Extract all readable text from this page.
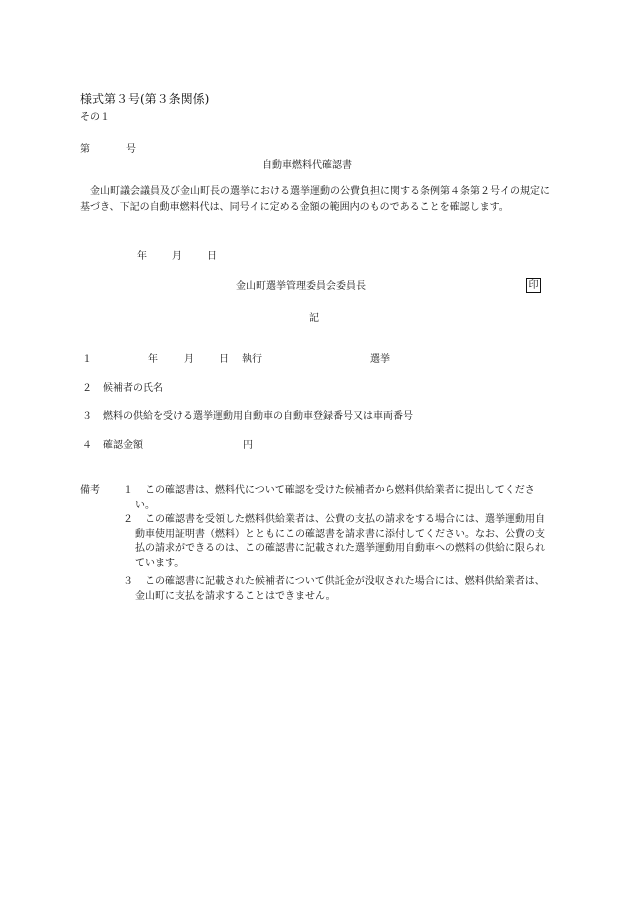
様式第３号(第３条関係)
その１
第	号
自動車燃料代確認書
金山町議会議員及び金山町長の選挙における選挙運動の公費負担に関する条例第４条第２号イの規定に基づき、下記の自動車燃料代は、同号イに定める金額の範囲内のものであることを確認します。
年	月	日
金山町選挙管理委員会委員長	印
記
１	年	月	日 執行	選挙
２ 候補者の氏名
３ 燃料の供給を受ける選挙運動用自動車の自動車登録番号又は車両番号
４ 確認金額	円
備考 １	この確認書は、燃料代について確認を受けた候補者から燃料供給業者に提出してください。
２	この確認書を受領した燃料供給業者は、公費の支払の請求をする場合には、選挙運動用自動車使用証明書（燃料）とともにこの確認書を請求書に添付してください。なお、公費の支払の請求ができるのは、この確認書に記載された選挙運動用自動車への燃料の供給に限られています。
３	この確認書に記載された候補者について供託金が没収された場合には、燃料供給業者は、金山町に支払を請求することはできません。
